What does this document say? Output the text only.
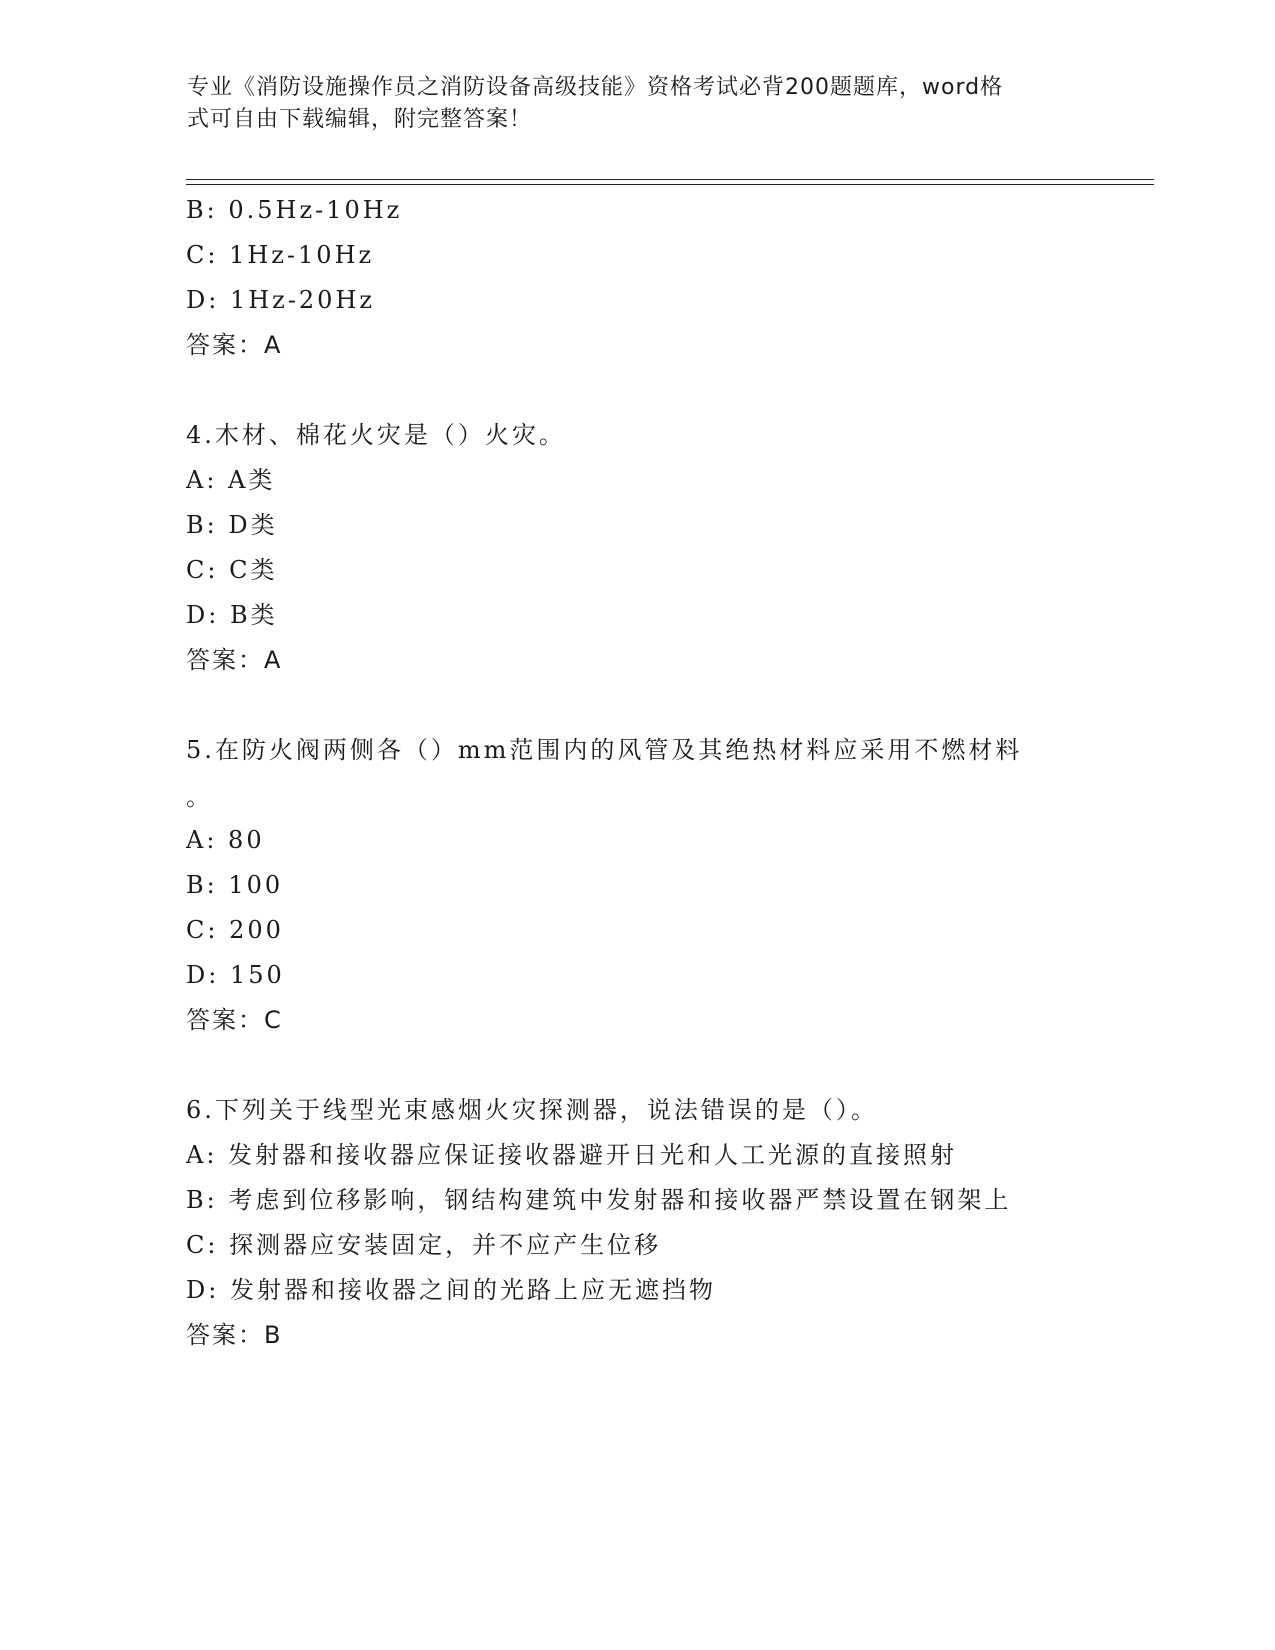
专业《消防设施操作员之消防设备高级技能》资格考试必背200题题库，word格
式可自由下载编辑，附完整答案！
B: 0.5Hz-10Hz
C: 1Hz-10Hz
D: 1Hz-20Hz
答案：A
4.木材、棉花火灾是（）火灾。
A: A类
B: D类
C: C类
D: B类
答案：A
5.在防火阀两侧各（）mm范围内的风管及其绝热材料应采用不燃材料
。
A: 80
B: 100
C: 200
D: 150
答案：C
6.下列关于线型光束感烟火灾探测器，说法错误的是（）。
A: 发射器和接收器应保证接收器避开日光和人工光源的直接照射
B: 考虑到位移影响，钢结构建筑中发射器和接收器严禁设置在钢架上
C: 探测器应安装固定，并不应产生位移
D: 发射器和接收器之间的光路上应无遮挡物
答案：B
